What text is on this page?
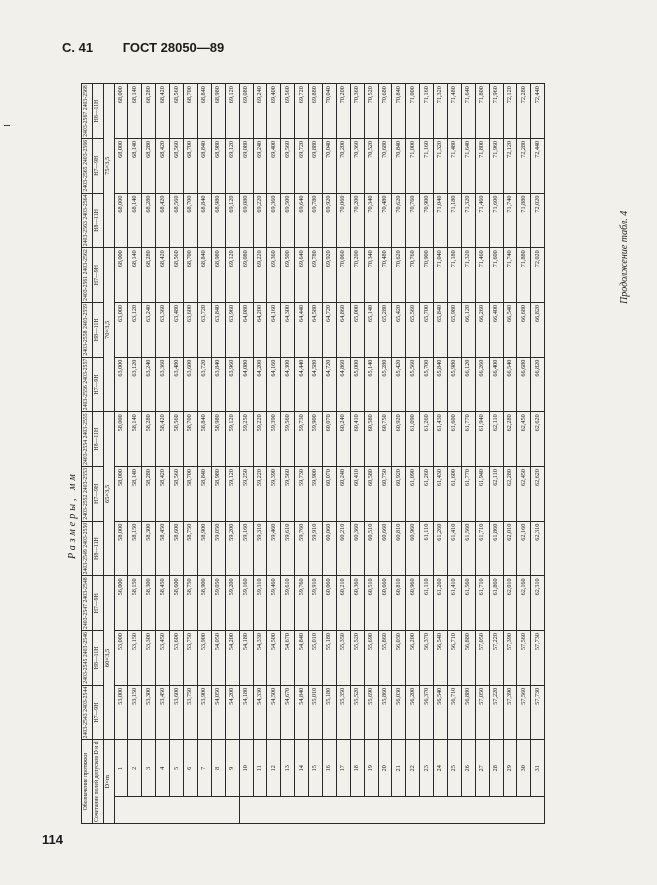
С. 41 ГОСТ 28050—89
Размеры, мм
Продолжение табл. 4
Обозначение протяжки		2403-2543 2403-2544	2403-2545 2403-2546	2403-2547 2403-2548	2403-2549 2403-2550	2403-2552 2403-2553	2403-2554 2403-2555	2403-2556 2403-2557	2403-2558 2403-2559	2403-2561 2403-2562	2403-2563 2403-2564	2403-2565 2403-2566	2403-2567 2403-2568
Сочетание полей допусков D и d		H7—9H	H8—11H	H7—9H	H8—11H	H7—9H	H8—11H	H7—9H	H8—11H	H7—9H	H8—11H	H7—9H	H8—11H
D×m		60×3,5			65×3,5			70×3,5			75×3,5		
	1	53,000	53,000	56,000	58,000	58,000	58,000	63,000	63,000	68,000	68,000	68,000	68,000
	2	53,150	53,150	58,150	58,150	58,140	58,140	63,120	63,120	68,140	68,140	68,140	68,140
	3	53,300	53,300	58,300	58,300	58,280	58,280	63,240	63,240	68,280	68,280	68,280	68,280
	4	53,450	53,450	58,450	58,450	58,420	58,420	63,360	63,360	68,420	68,420	68,420	68,420
	5	53,600	53,600	58,600	58,600	58,560	58,560	63,480	63,480	68,560	68,560	68,560	68,560
	6	53,750	53,750	58,750	58,750	58,700	58,700	63,600	63,600	68,700	68,700	68,700	68,700
	7	53,900	53,900	58,900	58,900	58,840	58,840	63,720	63,720	68,840	68,840	68,840	68,840
	8	54,050	54,050	59,050	59,050	58,980	58,980	63,840	63,840	68,980	68,980	68,980	68,980
	9	54,200	54,200	59,200	59,200	59,120	59,120	63,960	63,960	69,120	69,120	69,120	69,120
	10	54,180	54,180	59,160	59,160	59,250	59,250	64,080	64,080	69,080	69,080	69,080	69,080
	11	54,330	54,330	59,310	59,310	59,220	59,220	64,200	64,200	69,220	69,220	69,240	69,240
	12	54,500	54,500	59,460	59,460	59,390	59,390	64,160	64,160	69,360	69,360	69,400	69,400
	13	54,670	54,670	59,610	59,610	59,560	59,560	64,300	64,300	69,500	69,500	69,560	69,560
	14	54,840	54,840	59,760	59,760	59,730	59,730	64,440	64,440	69,640	69,640	69,720	69,720
	15	55,010	55,010	59,910	59,910	59,900	59,900	64,580	64,580	69,780	69,780	69,880	69,880
	16	55,180	55,180	60,060	60,060	60,070	60,070	64,720	64,720	69,920	69,920	70,040	70,040
	17	55,350	55,350	60,210	60,210	60,240	60,240	64,860	64,860	70,060	70,060	70,200	70,200
	18	55,520	55,520	60,360	60,360	60,410	60,410	65,000	65,000	70,200	70,200	70,360	70,360
	19	55,690	55,690	60,510	60,510	60,580	60,580	65,140	65,140	70,340	70,340	70,520	70,520
	20	55,860	55,860	60,660	60,660	60,750	60,750	65,280	65,280	70,480	70,480	70,680	70,680
	21	56,030	56,030	60,810	60,810	60,920	60,920	65,420	65,420	70,620	70,620	70,840	70,840
	22	56,200	56,200	60,960	60,960	61,090	61,090	65,560	65,560	70,760	70,760	71,000	71,000
	23	56,370	56,370	61,110	61,110	61,260	61,260	65,700	65,700	70,900	70,900	71,160	71,160
	24	56,540	56,540	61,260	61,260	61,430	61,430	65,840	65,840	71,040	71,040	71,320	71,320
	25	56,710	56,710	61,410	61,410	61,600	61,600	65,980	65,980	71,180	71,180	71,480	71,480
	26	56,880	56,880	61,560	61,560	61,770	61,770	66,120	66,120	71,320	71,320	71,640	71,640
	27	57,050	57,050	61,710	61,710	61,940	61,940	66,260	66,260	71,460	71,460	71,800	71,800
	28	57,220	57,220	61,860	61,860	62,110	62,110	66,400	66,400	71,600	71,600	71,960	71,960
	29	57,390	57,390	62,010	62,010	62,280	62,280	66,540	66,540	71,740	71,740	72,120	72,120
	30	57,560	57,560	62,160	62,160	62,450	62,450	66,680	66,680	71,880	71,880	72,280	72,280
	31	57,730	57,730	62,310	62,310	62,620	62,620	66,820	66,820	72,020	72,020	72,440	72,440
114
